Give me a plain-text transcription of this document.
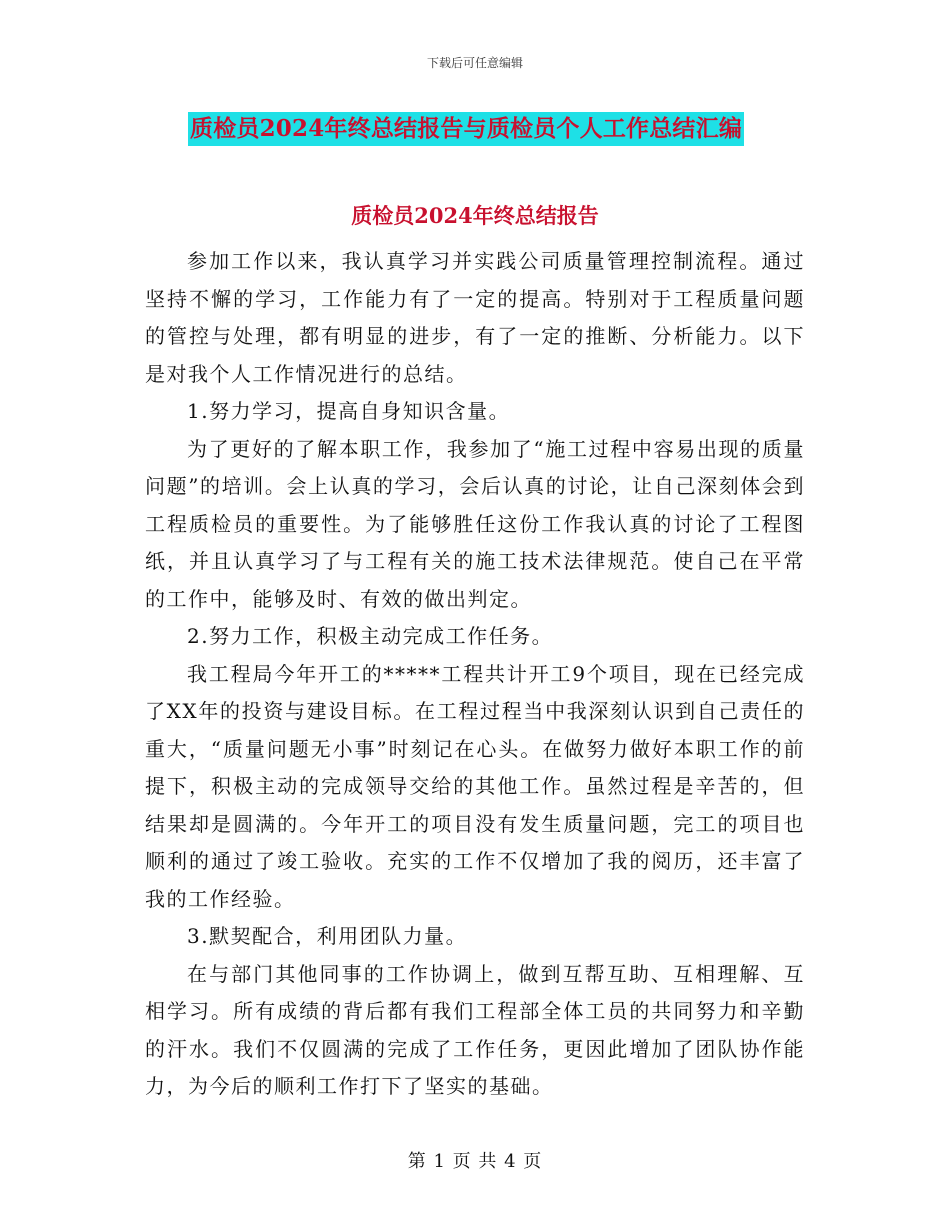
下载后可任意编辑
质检员2024年终总结报告与质检员个人工作总结汇编
质检员2024年终总结报告

参加工作以来，我认真学习并实践公司质量管理控制流程。通过坚持不懈的学习，工作能力有了一定的提高。特别对于工程质量问题的管控与处理，都有明显的进步，有了一定的推断、分析能力。以下是对我个人工作情况进行的总结。

1.努力学习，提高自身知识含量。

为了更好的了解本职工作，我参加了“施工过程中容易出现的质量问题”的培训。会上认真的学习，会后认真的讨论，让自己深刻体会到工程质检员的重要性。为了能够胜任这份工作我认真的讨论了工程图纸，并且认真学习了与工程有关的施工技术法律规范。使自己在平常的工作中，能够及时、有效的做出判定。

2.努力工作，积极主动完成工作任务。

我工程局今年开工的*****工程共计开工9个项目，现在已经完成了XX年的投资与建设目标。在工程过程当中我深刻认识到自己责任的重大，“质量问题无小事”时刻记在心头。在做努力做好本职工作的前提下，积极主动的完成领导交给的其他工作。虽然过程是辛苦的，但结果却是圆满的。今年开工的项目没有发生质量问题，完工的项目也顺利的通过了竣工验收。充实的工作不仅增加了我的阅历，还丰富了我的工作经验。

3.默契配合，利用团队力量。

在与部门其他同事的工作协调上，做到互帮互助、互相理解、互相学习。所有成绩的背后都有我们工程部全体工员的共同努力和辛勤的汗水。我们不仅圆满的完成了工作任务，更因此增加了团队协作能力，为今后的顺利工作打下了坚实的基础。

第 1 页 共 4 页
